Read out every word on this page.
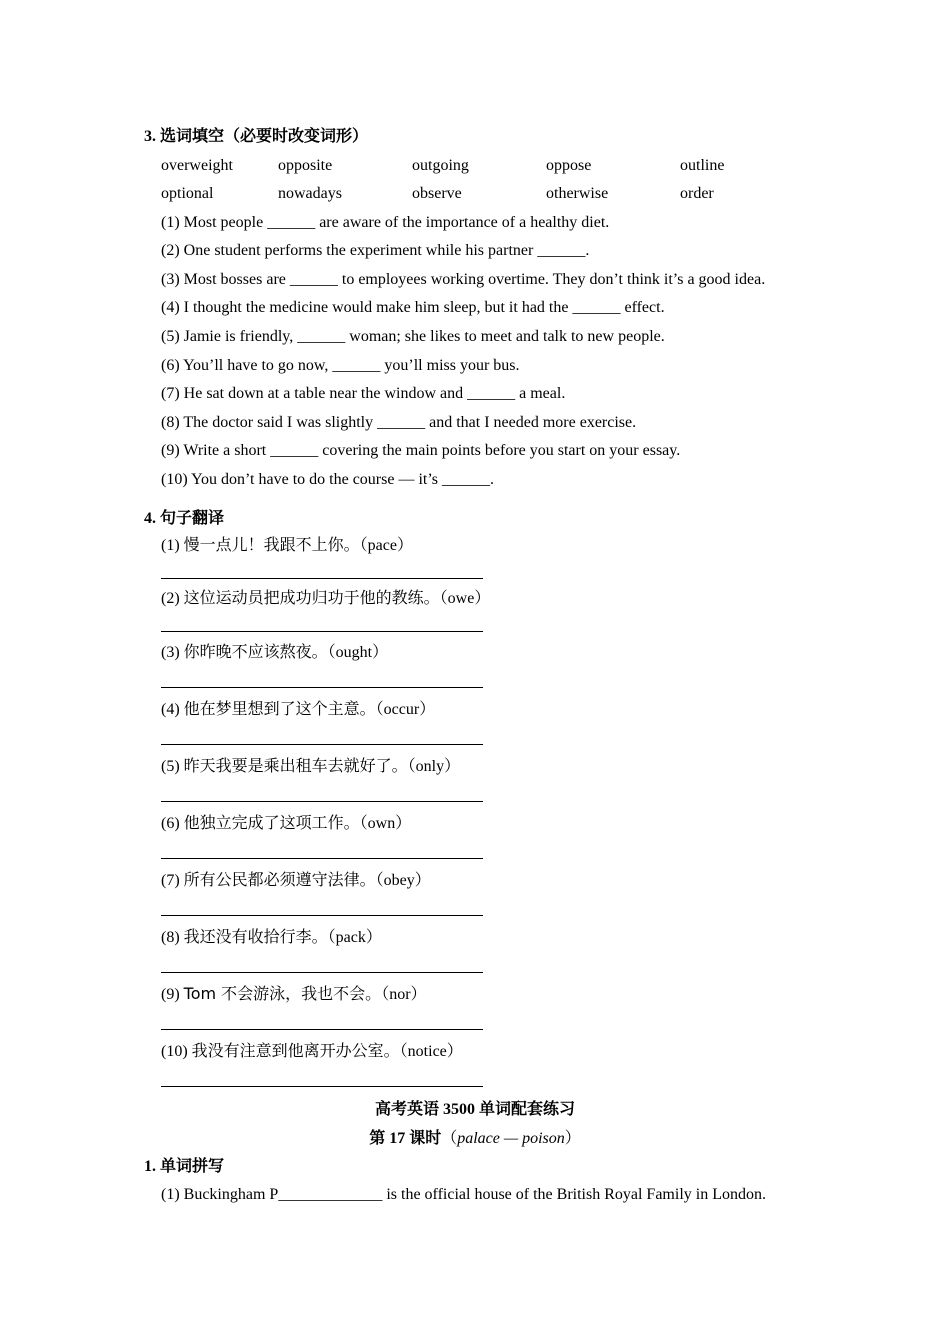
3. 选词填空（必要时改变词形）
overweight	opposite	outgoing	oppose	outline
optional	nowadays	observe	otherwise	order
(1) Most people ______ are aware of the importance of a healthy diet.
(2) One student performs the experiment while his partner ______.
(3) Most bosses are ______ to employees working overtime. They don’t think it’s a good idea.
(4) I thought the medicine would make him sleep, but it had the ______ effect.
(5) Jamie is friendly, ______ woman; she likes to meet and talk to new people.
(6) You’ll have to go now, ______ you’ll miss your bus.
(7) He sat down at a table near the window and ______ a meal.
(8) The doctor said I was slightly ______ and that I needed more exercise.
(9) Write a short ______ covering the main points before you start on your essay.
(10) You don’t have to do the course — it’s ______.
4. 句子翻译
(1) 慢一点儿！我跟不上你。（pace）
(2) 这位运动员把成功归功于他的教练。（owe）
(3) 你昨晚不应该熬夜。（ought）
(4) 他在梦里想到了这个主意。（occur）
(5) 昨天我要是乘出租车去就好了。（only）
(6) 他独立完成了这项工作。（own）
(7) 所有公民都必须遵守法律。（obey）
(8) 我还没有收拾行李。（pack）
(9) Tom 不会游泳，我也不会。（nor）
(10) 我没有注意到他离开办公室。（notice）
高考英语 3500 单词配套练习
第 17 课时（palace — poison）
1. 单词拼写
(1) Buckingham P_____________ is the official house of the British Royal Family in London.
